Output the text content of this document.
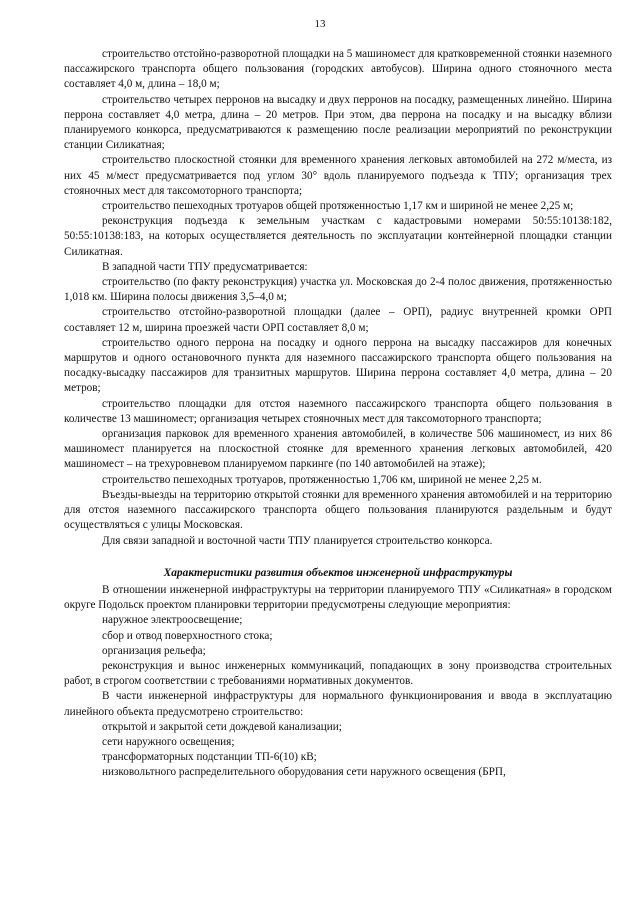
13

строительство отстойно-разворотной площадки на 5 машиномест для кратковременной стоянки наземного пассажирского транспорта общего пользования (городских автобусов). Ширина одного стояночного места составляет 4,0 м, длина – 18,0 м;

строительство четырех перронов на высадку и двух перронов на посадку, размещенных линейно. Ширина перрона составляет 4,0 метра, длина – 20 метров. При этом, два перрона на посадку и на высадку вблизи планируемого конкорса, предусматриваются к размещению после реализации мероприятий по реконструкции станции Силикатная;

строительство плоскостной стоянки для временного хранения легковых автомобилей на 272 м/места, из них 45 м/мест предусматривается под углом 30° вдоль планируемого подъезда к ТПУ; организация трех стояночных мест для таксомоторного транспорта;

строительство пешеходных тротуаров общей протяженностью 1,17 км и шириной не менее 2,25 м;

реконструкция подъезда к земельным участкам с кадастровыми номерами 50:55:10138:182, 50:55:10138:183, на которых осуществляется деятельность по эксплуатации контейнерной площадки станции Силикатная.

В западной части ТПУ предусматривается:

строительство (по факту реконструкция) участка ул. Московская до 2-4 полос движения, протяженностью 1,018 км. Ширина полосы движения 3,5–4,0 м;

строительство отстойно-разворотной площадки (далее – ОРП), радиус внутренней кромки ОРП составляет 12 м, ширина проезжей части ОРП составляет 8,0 м;

строительство одного перрона на посадку и одного перрона на высадку пассажиров для конечных маршрутов и одного остановочного пункта для наземного пассажирского транспорта общего пользования на посадку-высадку пассажиров для транзитных маршрутов. Ширина перрона составляет 4,0 метра, длина – 20 метров;

строительство площадки для отстоя наземного пассажирского транспорта общего пользования в количестве 13 машиномест; организация четырех стояночных мест для таксомоторного транспорта;

организация парковок для временного хранения автомобилей, в количестве 506 машиномест, из них 86 машиномест планируется на плоскостной стоянке для временного хранения легковых автомобилей, 420 машиномест – на трехуровневом планируемом паркинге (по 140 автомобилей на этаже);

строительство пешеходных тротуаров, протяженностью 1,706 км, шириной не менее 2,25 м.

Въезды-выезды на территорию открытой стоянки для временного хранения автомобилей и на территорию для отстоя наземного пассажирского транспорта общего пользования планируются раздельным и будут осуществляться с улицы Московская.

Для связи западной и восточной части ТПУ планируется строительство конкорса.

Характеристики развития объектов инженерной инфраструктуры

В отношении инженерной инфраструктуры на территории планируемого ТПУ «Силикатная» в городском округе Подольск проектом планировки территории предусмотрены следующие мероприятия:

наружное электроосвещение;

сбор и отвод поверхностного стока;

организация рельефа;

реконструкция и вынос инженерных коммуникаций, попадающих в зону производства строительных работ, в строгом соответствии с требованиями нормативных документов.

В части инженерной инфраструктуры для нормального функционирования и ввода в эксплуатацию линейного объекта предусмотрено строительство:

открытой и закрытой сети дождевой канализации;

сети наружного освещения;

трансформаторных подстанции ТП-6(10) кВ;

низковольтного распределительного оборудования сети наружного освещения (БРП,
